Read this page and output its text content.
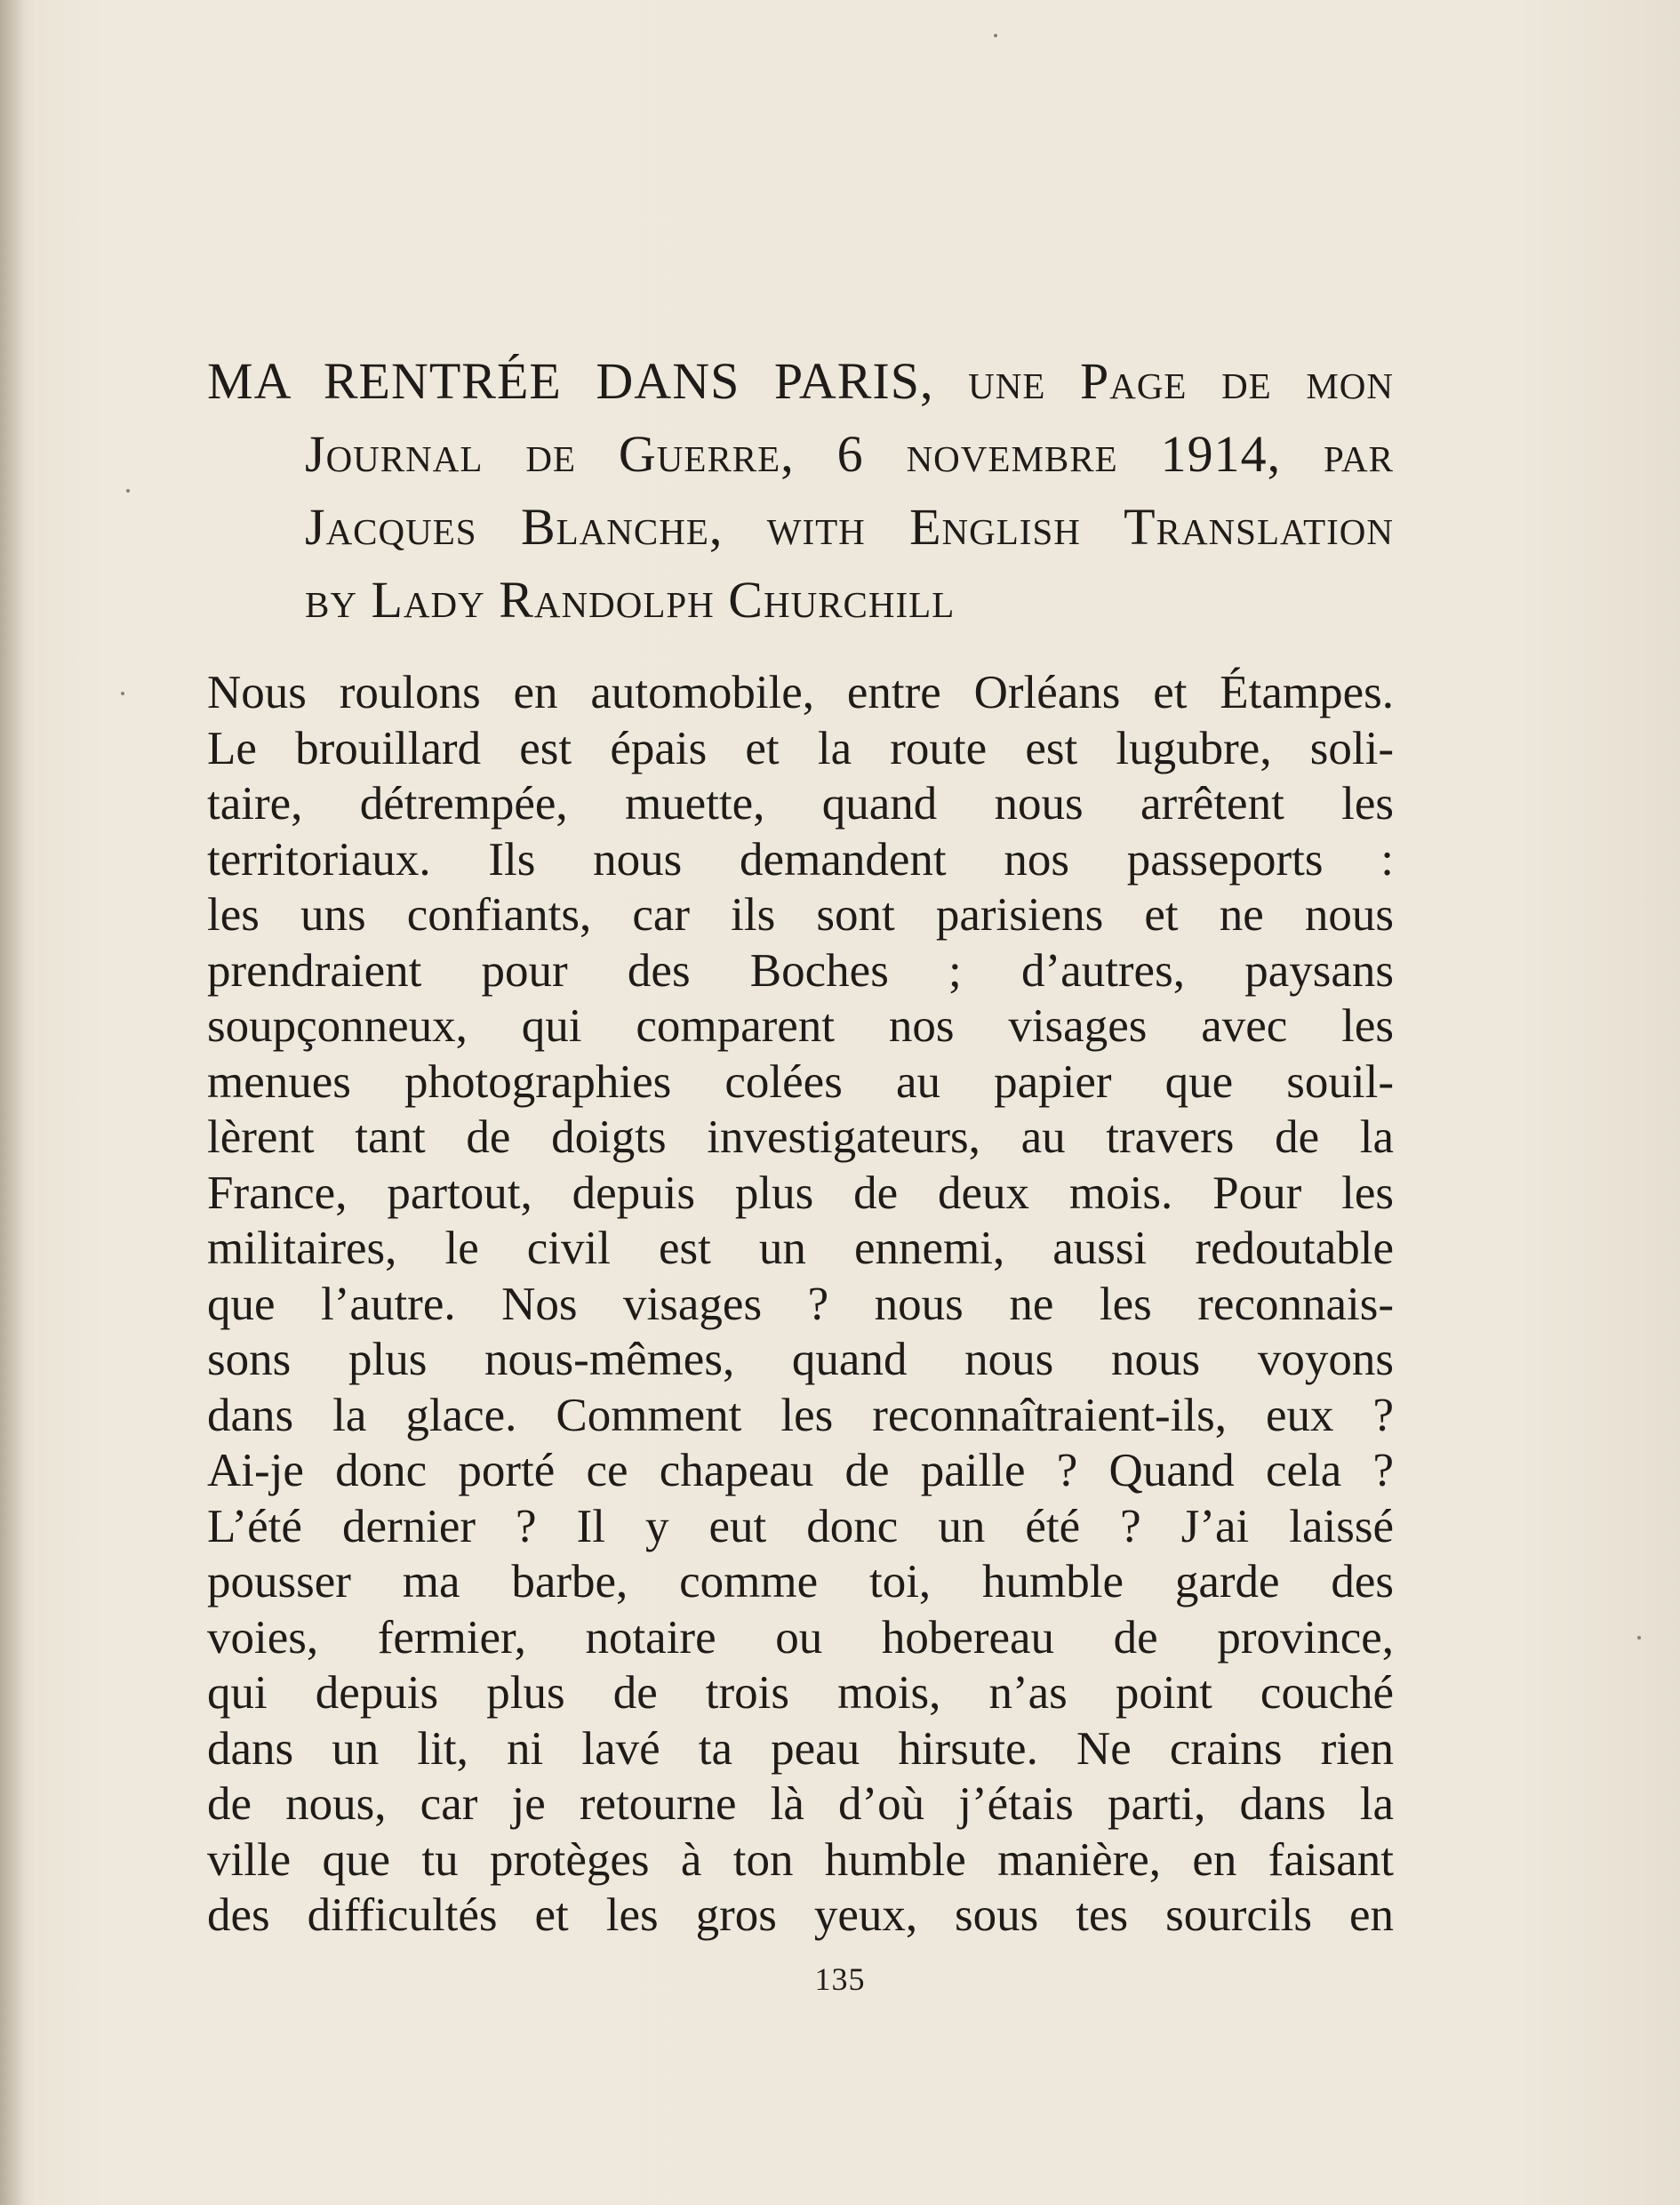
MA RENTRÉE DANS PARIS, une Page de mon
Journal de Guerre, 6 novembre 1914, par
Jacques Blanche, with English Translation
by Lady Randolph Churchill
Nous roulons en automobile, entre Orléans et Étampes.
Le brouillard est épais et la route est lugubre, soli-
taire, détrempée, muette, quand nous arrêtent les
territoriaux. Ils nous demandent nos passeports :
les uns confiants, car ils sont parisiens et ne nous
prendraient pour des Boches ; d’autres, paysans
soupçonneux, qui comparent nos visages avec les
menues photographies colées au papier que souil-
lèrent tant de doigts investigateurs, au travers de la
France, partout, depuis plus de deux mois. Pour les
militaires, le civil est un ennemi, aussi redoutable
que l’autre. Nos visages ? nous ne les reconnais-
sons plus nous-mêmes, quand nous nous voyons
dans la glace. Comment les reconnaîtraient-ils, eux ?
Ai-je donc porté ce chapeau de paille ? Quand cela ?
L’été dernier ? Il y eut donc un été ? J’ai laissé
pousser ma barbe, comme toi, humble garde des
voies, fermier, notaire ou hobereau de province,
qui depuis plus de trois mois, n’as point couché
dans un lit, ni lavé ta peau hirsute. Ne crains rien
de nous, car je retourne là d’où j’étais parti, dans la
ville que tu protèges à ton humble manière, en faisant
des difficultés et les gros yeux, sous tes sourcils en
135
